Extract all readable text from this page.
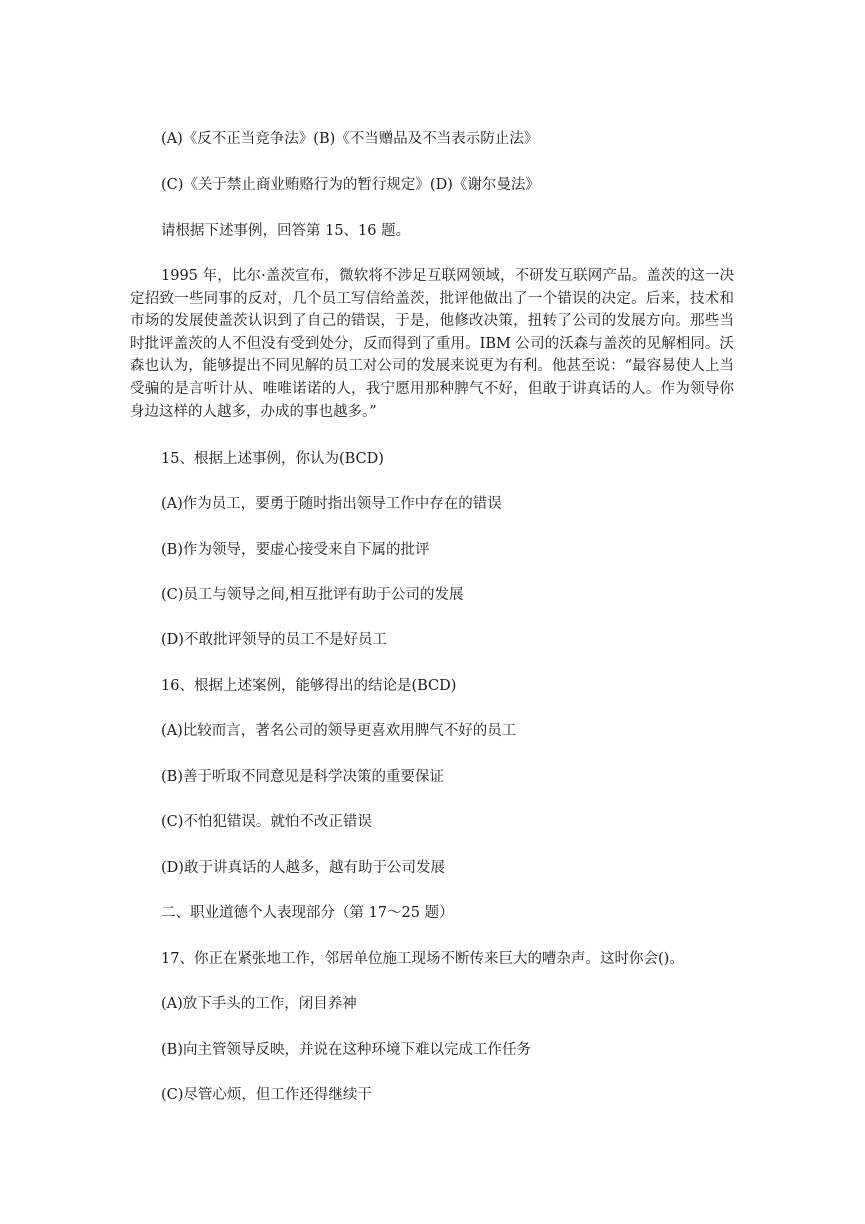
(A)《反不正当竞争法》(B)《不当赠品及不当表示防止法》
(C)《关于禁止商业贿赂行为的暂行规定》(D)《谢尔曼法》
请根据下述事例，回答第 15、16 题。
1995 年，比尔·盖茨宣布，微软将不涉足互联网领域，不研发互联网产品。盖茨的这一决定招致一些同事的反对，几个员工写信给盖茨，批评他做出了一个错误的决定。后来，技术和市场的发展使盖茨认识到了自己的错误，于是，他修改决策，扭转了公司的发展方向。那些当时批评盖茨的人不但没有受到处分，反而得到了重用。IBM 公司的沃森与盖茨的见解相同。沃森也认为，能够提出不同见解的员工对公司的发展来说更为有利。他甚至说：“最容易使人上当受骗的是言听计从、唯唯诺诺的人，我宁愿用那种脾气不好，但敢于讲真话的人。作为领导你身边这样的人越多，办成的事也越多。”
15、根据上述事例，你认为(BCD)
(A)作为员工，要勇于随时指出领导工作中存在的错误
(B)作为领导，要虚心接受来自下属的批评
(C)员工与领导之间,相互批评有助于公司的发展
(D)不敢批评领导的员工不是好员工
16、根据上述案例，能够得出的结论是(BCD)
(A)比较而言，著名公司的领导更喜欢用脾气不好的员工
(B)善于听取不同意见是科学决策的重要保证
(C)不怕犯错误。就怕不改正错误
(D)敢于讲真话的人越多，越有助于公司发展
二、职业道德个人表现部分（第 17～25 题）
17、你正在紧张地工作，邻居单位施工现场不断传来巨大的嘈杂声。这时你会()。
(A)放下手头的工作，闭目养神
(B)向主管领导反映，并说在这种环境下难以完成工作任务
(C)尽管心烦，但工作还得继续干
